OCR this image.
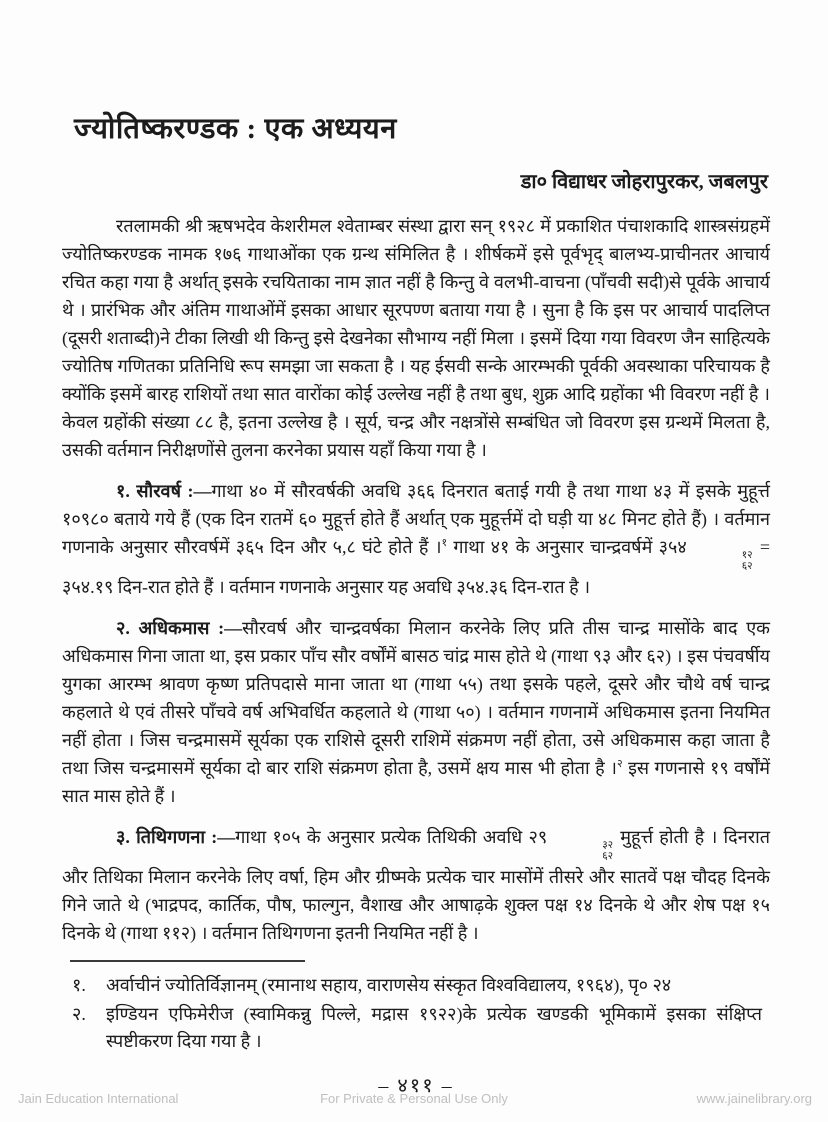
ज्योतिष्करण्डक : एक अध्ययन
डा० विद्याधर जोहरापुरकर, जबलपुर

रतलामकी श्री ऋषभदेव केशरीमल श्वेताम्बर संस्था द्वारा सन् १९२८ में प्रकाशित पंचाशकादि शास्त्रसंग्रहमें ज्योतिष्करण्डक नामक १७६ गाथाओंका एक ग्रन्थ संमिलित है । शीर्षकमें इसे पूर्वभृद् बालभ्य-प्राचीनतर आचार्य रचित कहा गया है अर्थात् इसके रचयिताका नाम ज्ञात नहीं है किन्तु वे वलभी-वाचना (पाँचवी सदी)से पूर्वके आचार्य थे । प्रारंभिक और अंतिम गाथाओंमें इसका आधार सूरपण्ण बताया गया है । सुना है कि इस पर आचार्य पादलिप्त (दूसरी शताब्दी)ने टीका लिखी थी किन्तु इसे देखनेका सौभाग्य नहीं मिला । इसमें दिया गया विवरण जैन साहित्यके ज्योतिष गणितका प्रतिनिधि रूप समझा जा सकता है । यह ईसवी सन्के आरम्भकी पूर्वकी अवस्थाका परिचायक है क्योंकि इसमें बारह राशियों तथा सात वारोंका कोई उल्लेख नहीं है तथा बुध, शुक्र आदि ग्रहोंका भी विवरण नहीं है । केवल ग्रहोंकी संख्या ८८ है, इतना उल्लेख है । सूर्य, चन्द्र और नक्षत्रोंसे सम्बंधित जो विवरण इस ग्रन्थमें मिलता है, उसकी वर्तमान निरीक्षणोंसे तुलना करनेका प्रयास यहाँ किया गया है ।

१. सौरवर्ष :—गाथा ४० में सौरवर्षकी अवधि ३६६ दिनरात बताई गयी है तथा गाथा ४३ में इसके मुहूर्त्त १०९८० बताये गये हैं (एक दिन रातमें ६० मुहूर्त्त होते हैं अर्थात् एक मुहूर्त्तमें दो घड़ी या ४८ मिनट होते हैं) । वर्तमान गणनाके अनुसार सौरवर्षमें ३६५ दिन और ५,८ घंटे होते हैं ।$^१$ गाथा ४१ के अनुसार चान्द्रवर्षमें ३५४	१२
६२
= ३५४.१९ दिन-रात होते हैं । वर्तमान गणनाके अनुसार यह अवधि ३५४.३६ दिन-रात है ।

२. अधिकमास :—सौरवर्ष और चान्द्रवर्षका मिलान करनेके लिए प्रति तीस चान्द्र मासोंके बाद एक अधिकमास गिना जाता था, इस प्रकार पाँच सौर वर्षोंमें बासठ चांद्र मास होते थे (गाथा ९३ और ६२) । इस पंचवर्षीय युगका आरम्भ श्रावण कृष्ण प्रतिपदासे माना जाता था (गाथा ५५) तथा इसके पहले, दूसरे और चौथे वर्ष चान्द्र कहलाते थे एवं तीसरे पाँचवे वर्ष अभिवर्धित कहलाते थे (गाथा ५०) । वर्तमान गणनामें अधिकमास इतना नियमित नहीं होता । जिस चन्द्रमासमें सूर्यका एक राशिसे दूसरी राशिमें संक्रमण नहीं होता, उसे अधिकमास कहा जाता है तथा जिस चन्द्रमासमें सूर्यका दो बार राशि संक्रमण होता है, उसमें क्षय मास भी होता है ।$^२$ इस गणनासे १९ वर्षोंमें सात मास होते हैं ।

३. तिथिगणना :—गाथा १०५ के अनुसार प्रत्येक तिथिकी अवधि २९	३२
६२
मुहूर्त्त होती है । दिनरात और तिथिका मिलान करनेके लिए वर्षा, हिम और ग्रीष्मके प्रत्येक चार मासोंमें तीसरे और सातवें पक्ष चौदह दिनके गिने जाते थे (भाद्रपद, कार्तिक, पौष, फाल्गुन, वैशाख और आषाढ़के शुक्ल पक्ष १४ दिनके थे और शेष पक्ष १५ दिनके थे (गाथा ११२) । वर्तमान तिथिगणना इतनी नियमित नहीं है ।

१. अर्वाचीनं ज्योतिर्विज्ञानम् (रमानाथ सहाय, वाराणसेय संस्कृत विश्वविद्यालय, १९६४), पृ० २४
२. इण्डियन एफिमेरीज (स्वामिकन्नु पिल्ले, मद्रास १९२२)के प्रत्येक खण्डकी भूमिकामें इसका संक्षिप्त स्पष्टीकरण दिया गया है ।
– ४११ –
Jain Education International	For Private & Personal Use Only	www.jainelibrary.org
